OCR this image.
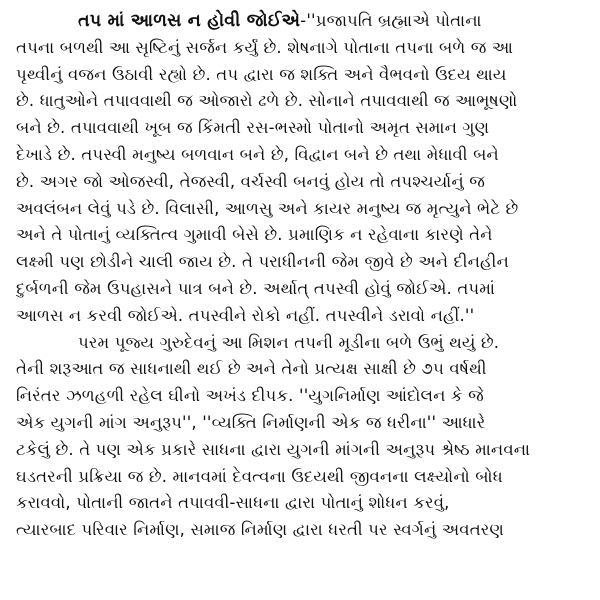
તપ માં આળસ ન હોવી જોઈએ-''પ્રજાપતિ બ્રહ્માએ પોતાના
તપના બળથી આ સૃષ્ટિનું સર્જન કર્યું છે. શેષનાગે પોતાના તપના બળે જ આ
પૃથ્વીનું વજન ઉઠાવી રહ્યો છે. તપ દ્વારા જ શક્તિ અને વૈભવનો ઉદય થાય
છે. ધાતુઓને તપાવવાથી જ ઓજારો ઢળે છે. સોનાને તપાવવાથી જ આભૂષણો
બને છે. તપાવવાથી ખૂબ જ કિંમતી રસ-ભસ્મો પોતાનો અમૃત સમાન ગુણ
દેખાડે છે. તપસ્વી મનુષ્ય બળવાન બને છે, વિદ્વાન બને છે તથા મેધાવી બને
છે. અગર જો ઓજસ્વી, તેજસ્વી, વર્ચસ્વી બનવું હોય તો તપશ્ચર્યાનું જ
અવલંબન લેવું પડે છે. વિલાસી, આળસુ અને કાયર મનુષ્ય જ મૃત્યુને ભેટે છે
અને તે પોતાનું વ્યક્તિત્વ ગુમાવી બેસે છે. પ્રમાણિક ન રહેવાના કારણે તેને
લક્ષ્મી પણ છોડીને ચાલી જાય છે. તે પરાધીનની જેમ જીવે છે અને દીનહીન
દુર્બળની જેમ ઉપહાસને પાત્ર બને છે. અર્થાત્ તપસ્વી હોવું જોઈએ. તપમાં
આળસ ન કરવી જોઈએ. તપસ્વીને રોકો નહીં. તપસ્વીને ડરાવો નહીં.''
પરમ પૂજ્ય ગુરુદેવનું આ મિશન તપની મૂડીના બળે ઉભું થયું છે.
તેની શરૂઆત જ સાધનાથી થઈ છે અને તેનો પ્રત્યક્ષ સાક્ષી છે ૭૫ વર્ષથી
નિરંતર ઝળહળી રહેલ ઘીનો અખંડ દીપક. ''યુગનિર્માણ આંદોલન કે જે
એક યુગની માંગ અનુરૂપ'', ''વ્યક્તિ નિર્માણની એક જ ધરીના'' આધારે
ટકેલું છે. તે પણ એક પ્રકારે સાધના દ્વારા યુગની માંગની અનુરૂપ શ્રેષ્ઠ માનવના
ઘડતરની પ્રક્રિયા જ છે. માનવમાં દેવત્વના ઉદયથી જીવનના લક્ષ્યોનો બોધ
કરાવવો, પોતાની જાતને તપાવવી-સાધના દ્વારા પોતાનું શોધન કરવું,
ત્યારબાદ પરિવાર નિર્માણ, સમાજ નિર્માણ દ્વારા ધરતી પર સ્વર્ગનું અવતરણ
